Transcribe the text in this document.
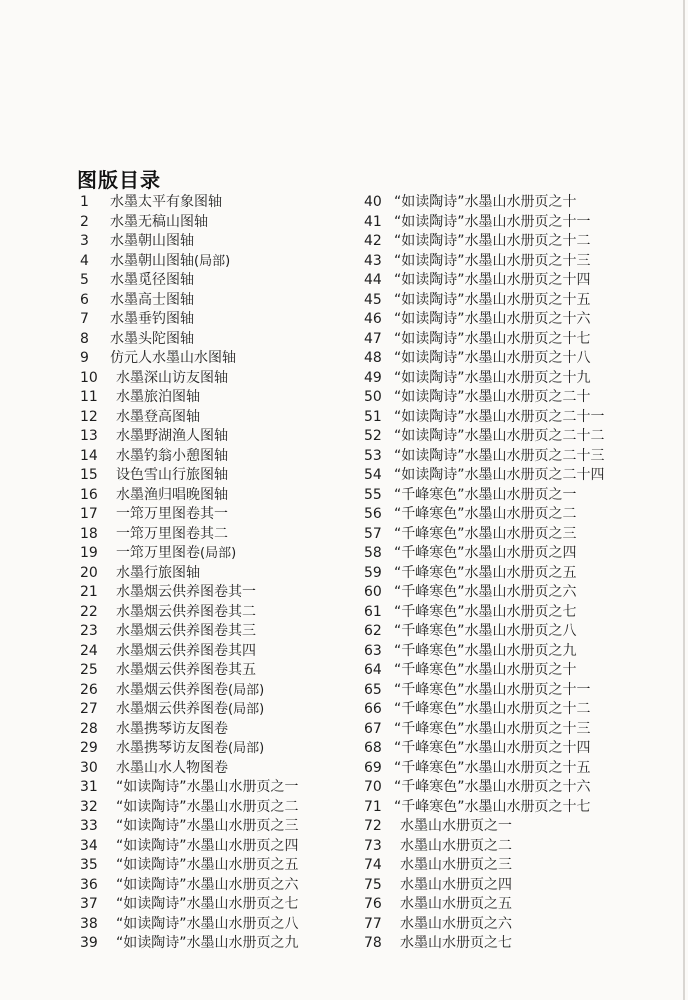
图版目录
1	水墨太平有象图轴
2	水墨无稿山图轴
3	水墨朝山图轴
4	水墨朝山图轴 (局部)
5	水墨觅径图轴
6	水墨高士图轴
7	水墨垂钓图轴
8	水墨头陀图轴
9	仿元人水墨山水图轴
10	水墨深山访友图轴
11	水墨旅泊图轴
12	水墨登高图轴
13	水墨野湖渔人图轴
14	水墨钓翁小憩图轴
15	设色雪山行旅图轴
16	水墨渔归唱晚图轴
17	一筇万里图卷其一
18	一筇万里图卷其二
19	一筇万里图卷 (局部)
20	水墨行旅图轴
21	水墨烟云供养图卷其一
22	水墨烟云供养图卷其二
23	水墨烟云供养图卷其三
24	水墨烟云供养图卷其四
25	水墨烟云供养图卷其五
26	水墨烟云供养图卷 (局部)
27	水墨烟云供养图卷 (局部)
28	水墨携琴访友图卷
29	水墨携琴访友图卷 (局部)
30	水墨山水人物图卷
31	“如读陶诗”水墨山水册页之一
32	“如读陶诗”水墨山水册页之二
33	“如读陶诗”水墨山水册页之三
34	“如读陶诗”水墨山水册页之四
35	“如读陶诗”水墨山水册页之五
36	“如读陶诗”水墨山水册页之六
37	“如读陶诗”水墨山水册页之七
38	“如读陶诗”水墨山水册页之八
39	“如读陶诗”水墨山水册页之九
40 “如读陶诗”水墨山水册页之十
41 “如读陶诗”水墨山水册页之十一
42 “如读陶诗”水墨山水册页之十二
43 “如读陶诗”水墨山水册页之十三
44 “如读陶诗”水墨山水册页之十四
45 “如读陶诗”水墨山水册页之十五
46 “如读陶诗”水墨山水册页之十六
47 “如读陶诗”水墨山水册页之十七
48 “如读陶诗”水墨山水册页之十八
49 “如读陶诗”水墨山水册页之十九
50 “如读陶诗”水墨山水册页之二十
51 “如读陶诗”水墨山水册页之二十一
52 “如读陶诗”水墨山水册页之二十二
53 “如读陶诗”水墨山水册页之二十三
54 “如读陶诗”水墨山水册页之二十四
55 “千峰寒色”水墨山水册页之一
56 “千峰寒色”水墨山水册页之二
57 “千峰寒色”水墨山水册页之三
58 “千峰寒色”水墨山水册页之四
59 “千峰寒色”水墨山水册页之五
60 “千峰寒色”水墨山水册页之六
61 “千峰寒色”水墨山水册页之七
62 “千峰寒色”水墨山水册页之八
63 “千峰寒色”水墨山水册页之九
64 “千峰寒色”水墨山水册页之十
65 “千峰寒色”水墨山水册页之十一
66 “千峰寒色”水墨山水册页之十二
67 “千峰寒色”水墨山水册页之十三
68 “千峰寒色”水墨山水册页之十四
69 “千峰寒色”水墨山水册页之十五
70 “千峰寒色”水墨山水册页之十六
71 “千峰寒色”水墨山水册页之十七
72	水墨山水册页之一
73	水墨山水册页之二
74	水墨山水册页之三
75	水墨山水册页之四
76	水墨山水册页之五
77	水墨山水册页之六
78	水墨山水册页之七
